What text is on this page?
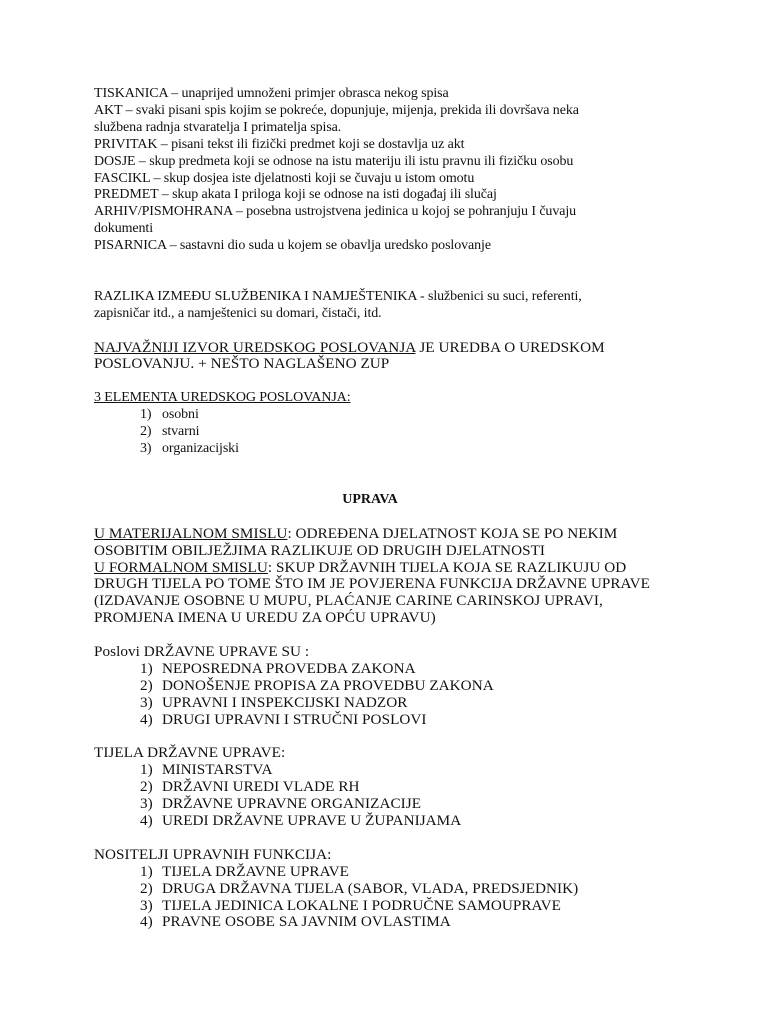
TISKANICA – unaprijed umnoženi primjer obrasca nekog spisa
AKT – svaki pisani spis kojim se pokreće, dopunjuje, mijenja, prekida ili dovršava neka
službena radnja stvaratelja I primatelja spisa.
PRIVITAK – pisani tekst ili fizički predmet koji se dostavlja uz akt
DOSJE – skup predmeta koji se odnose na istu materiju ili istu pravnu ili fizičku osobu
FASCIKL – skup dosjea iste djelatnosti koji se čuvaju u istom omotu
PREDMET – skup akata I priloga koji se odnose na isti događaj ili slučaj
ARHIV/PISMOHRANA – posebna ustrojstvena jedinica u kojoj se pohranjuju I čuvaju
dokumenti
PISARNICA – sastavni dio suda u kojem se obavlja uredsko poslovanje
RAZLIKA IZMEĐU SLUŽBENIKA I NAMJEŠTENIKA - službenici su suci, referenti,
zapisničar itd., a namještenici su domari, čistači, itd.
NAJVAŽNIJI IZVOR UREDSKOG POSLOVANJA JE UREDBA O UREDSKOM
POSLOVANJU. + NEŠTO NAGLAŠENO ZUP
3 ELEMENTA UREDSKOG POSLOVANJA:
1) osobni
2) stvarni
3) organizacijski
UPRAVA
U MATERIJALNOM SMISLU: ODREĐENA DJELATNOST KOJA SE PO NEKIM
OSOBITIM OBILJEŽJIMA RAZLIKUJE OD DRUGIH DJELATNOSTI
U FORMALNOM SMISLU: SKUP DRŽAVNIH TIJELA KOJA SE RAZLIKUJU OD
DRUGH TIJELA PO TOME ŠTO IM JE POVJERENA FUNKCIJA DRŽAVNE UPRAVE
(IZDAVANJE OSOBNE U MUPU, PLAĆANJE CARINE CARINSKOJ UPRAVI,
PROMJENA IMENA U UREDU ZA OPĆU UPRAVU)
Poslovi DRŽAVNE UPRAVE SU :
1) NEPOSREDNA PROVEDBA ZAKONA
2) DONOŠENJE PROPISA ZA PROVEDBU ZAKONA
3) UPRAVNI I INSPEKCIJSKI NADZOR
4) DRUGI UPRAVNI I STRUČNI POSLOVI
TIJELA DRŽAVNE UPRAVE:
1) MINISTARSTVA
2) DRŽAVNI UREDI VLADE RH
3) DRŽAVNE UPRAVNE ORGANIZACIJE
4) UREDI DRŽAVNE UPRAVE U ŽUPANIJAMA
NOSITELJI UPRAVNIH FUNKCIJA:
1) TIJELA DRŽAVNE UPRAVE
2) DRUGA DRŽAVNA TIJELA (SABOR, VLADA, PREDSJEDNIK)
3) TIJELA JEDINICA LOKALNE I PODRUČNE SAMOUPRAVE
4) PRAVNE OSOBE SA JAVNIM OVLASTIMA
